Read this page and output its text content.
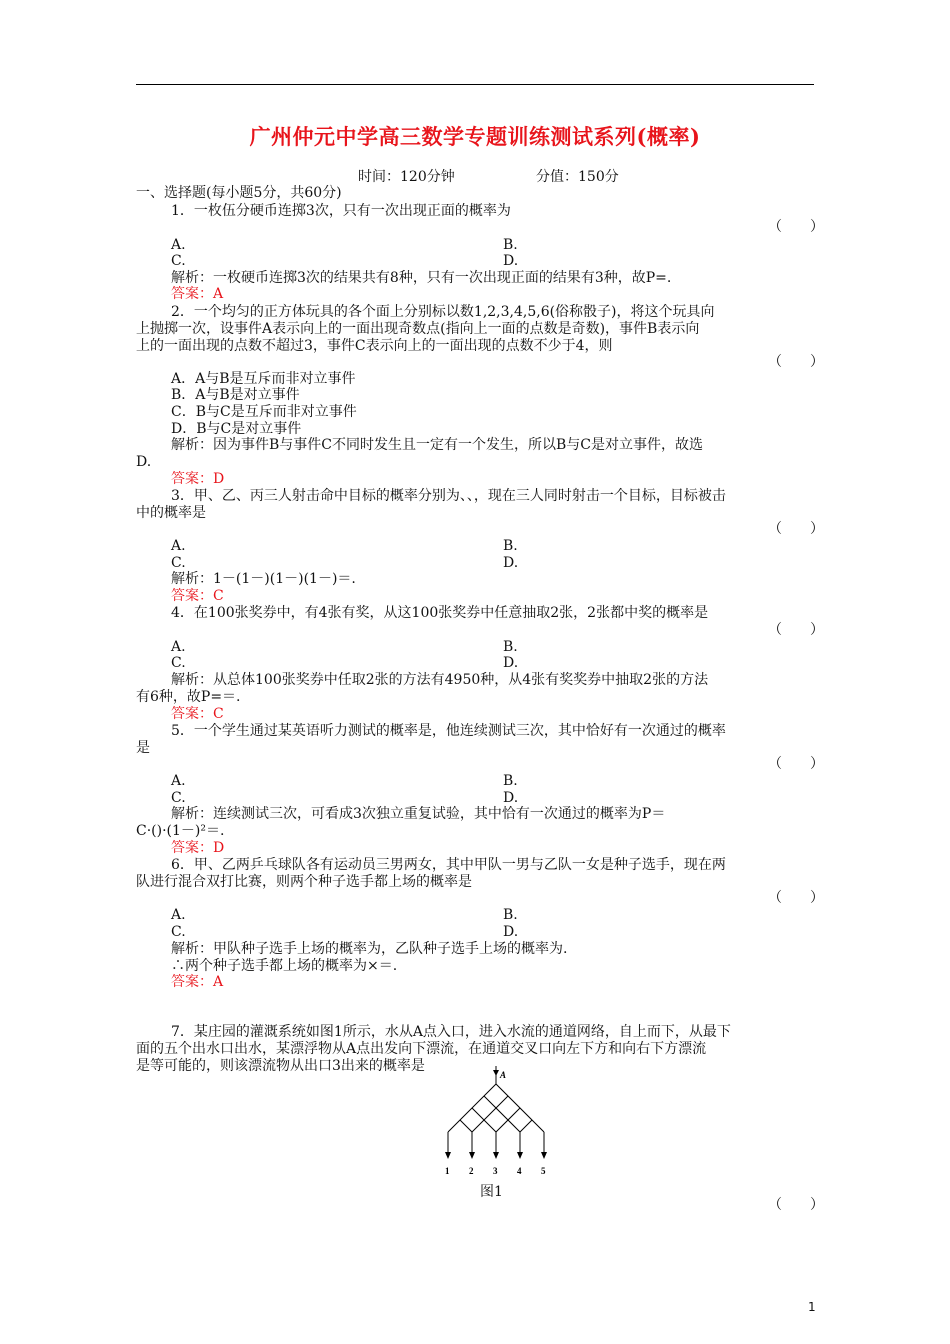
广州仲元中学高三数学专题训练测试系列(概率)
时间：120分钟	分值：150分
一、选择题(每小题5分，共60分)
1．一枚伍分硬币连掷3次，只有一次出现正面的概率为
（　　）
A.	B.
C.	D.
解析：一枚硬币连掷3次的结果共有8种，只有一次出现正面的结果有3种，故P=.
答案：A
2．一个均匀的正方体玩具的各个面上分别标以数1,2,3,4,5,6(俗称骰子)，将这个玩具向
上抛掷一次，设事件A表示向上的一面出现奇数点(指向上一面的点数是奇数)，事件B表示向
上的一面出现的点数不超过3，事件C表示向上的一面出现的点数不少于4，则
（　　）
A．A与B是互斥而非对立事件
B．A与B是对立事件
C．B与C是互斥而非对立事件
D．B与C是对立事件
解析：因为事件B与事件C不同时发生且一定有一个发生，所以B与C是对立事件，故选
D.
答案：D
3．甲、乙、丙三人射击命中目标的概率分别为、、，现在三人同时射击一个目标，目标被击
中的概率是
（　　）
A.	B.
C.	D.
解析：1－(1－)(1－)(1－)＝.
答案：C
4．在100张奖券中，有4张有奖，从这100张奖券中任意抽取2张，2张都中奖的概率是
（　　）
A.	B.
C.	D.
解析：从总体100张奖券中任取2张的方法有4950种，从4张有奖奖券中抽取2张的方法
有6种，故P=＝.
答案：C
5．一个学生通过某英语听力测试的概率是，他连续测试三次，其中恰好有一次通过的概率
是
（　　）
A.	B.
C.	D.
解析：连续测试三次，可看成3次独立重复试验，其中恰有一次通过的概率为P＝
C·()·(1－)²＝.
答案：D
6．甲、乙两乒乓球队各有运动员三男两女，其中甲队一男与乙队一女是种子选手，现在两
队进行混合双打比赛，则两个种子选手都上场的概率是
（　　）
A.	B.
C.	D.
解析：甲队种子选手上场的概率为，乙队种子选手上场的概率为.
∴两个种子选手都上场的概率为×＝.
答案：A
7．某庄园的灌溉系统如图1所示，水从A点入口，进入水流的通道网络，自上而下，从最下
面的五个出水口出水，某漂浮物从A点出发向下漂流，在通道交叉口向左下方和向右下方漂流
是等可能的，则该漂流物从出口3出来的概率是
A
1 2 3 4 5
图1
（　　）
1
